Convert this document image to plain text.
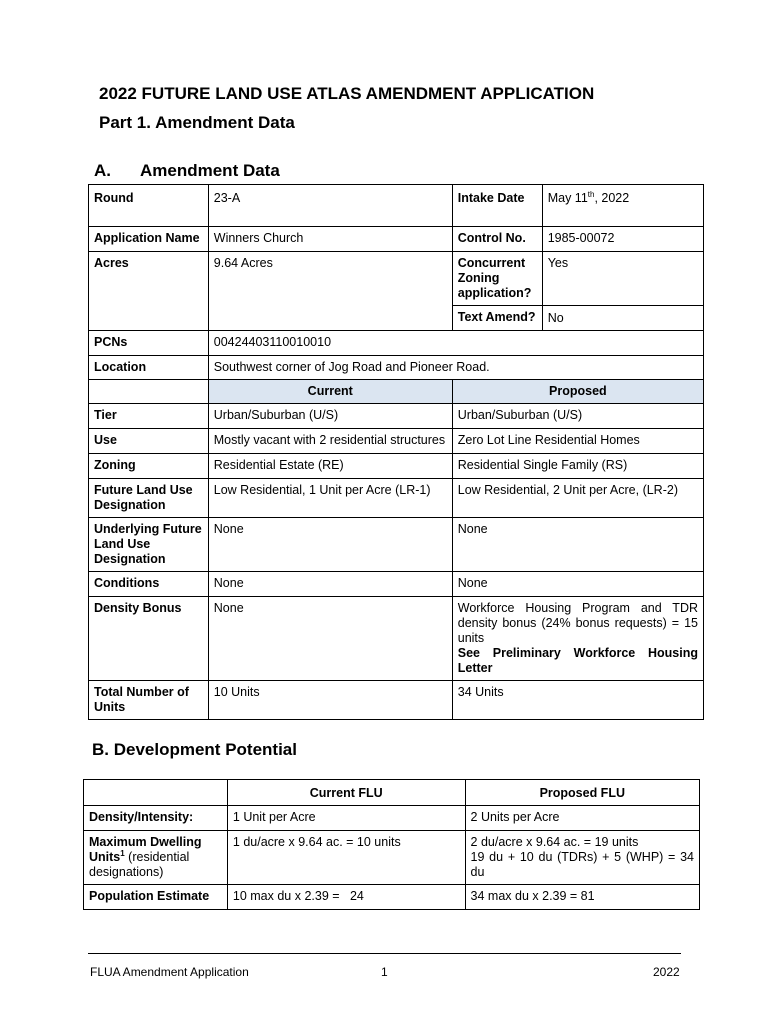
2022 FUTURE LAND USE ATLAS AMENDMENT APPLICATION
Part 1. Amendment Data
A. Amendment Data
Round	23-A	Intake Date	May 11th, 2022
Application Name	Winners Church	Control No.	1985-00072
Acres	9.64 Acres	Concurrent Zoning application?	Yes
		Text Amend?	No
PCNs	00424403110010010		
Location	Southwest corner of Jog Road and Pioneer Road.		
	Current	Proposed	
Tier	Urban/Suburban (U/S)	Urban/Suburban (U/S)	
Use	Mostly vacant with 2 residential structures	Zero Lot Line Residential Homes	
Zoning	Residential Estate (RE)	Residential Single Family (RS)	
Future Land Use Designation	Low Residential, 1 Unit per Acre (LR-1)	Low Residential, 2 Unit per Acre, (LR-2)	
Underlying Future Land Use Designation	None	None	
Conditions	None	None	
Density Bonus	None	Workforce Housing Program and TDR density bonus (24% bonus requests) = 15 units
See Preliminary Workforce Housing Letter	

Total Number of Units	10 Units	34 Units	
B. Development Potential
	Current FLU	Proposed FLU
Density/Intensity:	1 Unit per Acre	2 Units per Acre
Maximum Dwelling Units$^1$ (residential designations)	1 du/acre x 9.64 ac. = 10 units	2 du/acre x 9.64 ac. = 19 units
19 du + 10 du (TDRs) + 5 (WHP) = 34 du

Population Estimate	10 max du x 2.39 =   24	34 max du x 2.39 = 81
FLUA Amendment Application	1	2022
